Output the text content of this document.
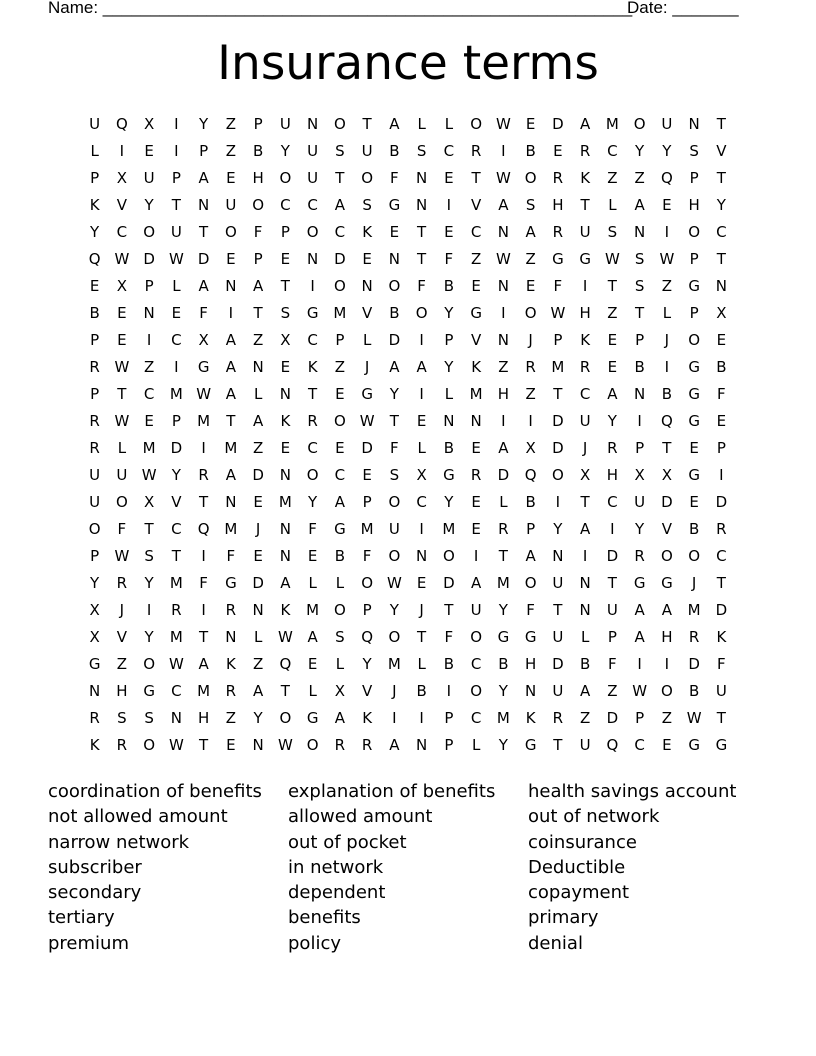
Name: ________________________________________________________
Date: _______
Insurance terms
U	Q	X	I	Y	Z	P	U	N	O	T	A	L	L	O W	E	D	A	M O	U	N	T
L	I	E	I	P	Z	B	Y	U	S	U	B	S	C	R	I	B	E	R	C	Y	Y	S	V
P	X	U	P	A	E	H	O	U	T	O	F	N	E	T	W O	R	K	Z	Z	Q	P	T
K	V	Y	T	N	U	O	C	C	A	S	G	N	I	V	A	S	H	T	L	A	E	H	Y
Y	C	O	U	T	O	F	P	O	C	K	E	T	E	C	N	A	R	U	S	N	I	O	C
Q W D W D	E	P	E	N	D	E	N	T	F	Z W Z	G	G W	S	W	P	T
E	X	P	L	A	N	A	T	I	O	N	O	F	B	E	N	E	F	I	T	S	Z	G	N
B	E	N	E	F	I	T	S	G M	V	B	O	Y	G	I	O W H	Z	T	L	P	X
P	E	I	C	X	A	Z	X	C	P	L	D	I	P	V	N	J	P	K	E	P	J	O	E
R W Z	I	G	A	N	E	K	Z	J	A	A	Y	K	Z	R	M	R	E	B	I	G	B
P	T	C	M W A	L	N	T	E	G	Y	I	L	M	H	Z	T	C	A	N	B	G	F
R W	E	P	M	T	A	K	R	O W	T	E	N	N	I	I	D	U	Y	I	Q	G	E
R	L	M	D	I	M	Z	E	C	E	D	F	L	B	E	A	X	D	J	R	P	T	E	P
U	U W	Y	R	A	D	N	O	C	E	S	X	G	R	D	Q	O	X	H	X	X	G	I
U	O	X	V	T	N	E	M	Y	A	P	O	C	Y	E	L	B	I	T	C	U	D	E	D
O	F	T	C	Q M	J	N	F	G M	U	I	M	E	R	P	Y	A	I	Y	V	B	R
P	W	S	T	I	F	E	N	E	B	F	O	N	O	I	T	A	N	I	D	R	O	O	C
Y	R	Y	M	F	G	D	A	L	L	O W	E	D	A	M O	U	N	T	G	G	J	T
X	J	I	R	I	R	N	K	M O	P	Y	J	T	U	Y	F	T	N	U	A	A	M	D
X	V	Y	M	T	N	L	W A	S	Q	O	T	F	O	G	G	U	L	P	A	H	R	K
G	Z	O W A	K	Z	Q	E	L	Y	M	L	B	C	B	H	D	B	F	I	I	D	F
N	H	G	C	M	R	A	T	L	X	V	J	B	I	O	Y	N	U	A	Z W O	B	U
R	S	S	N	H	Z	Y	O	G	A	K	I	I	P	C	M	K	R	Z	D	P	Z W	T
K	R	O W	T	E	N W O	R	R	A	N	P	L	Y	G	T	U	Q	C	E	G	G
coordination of benefits
not allowed amount
narrow network
subscriber
secondary
tertiary
premium
explanation of benefits
allowed amount
out of pocket
in network
dependent
benefits
policy
health savings account
out of network
coinsurance
Deductible
copayment
primary
denial
